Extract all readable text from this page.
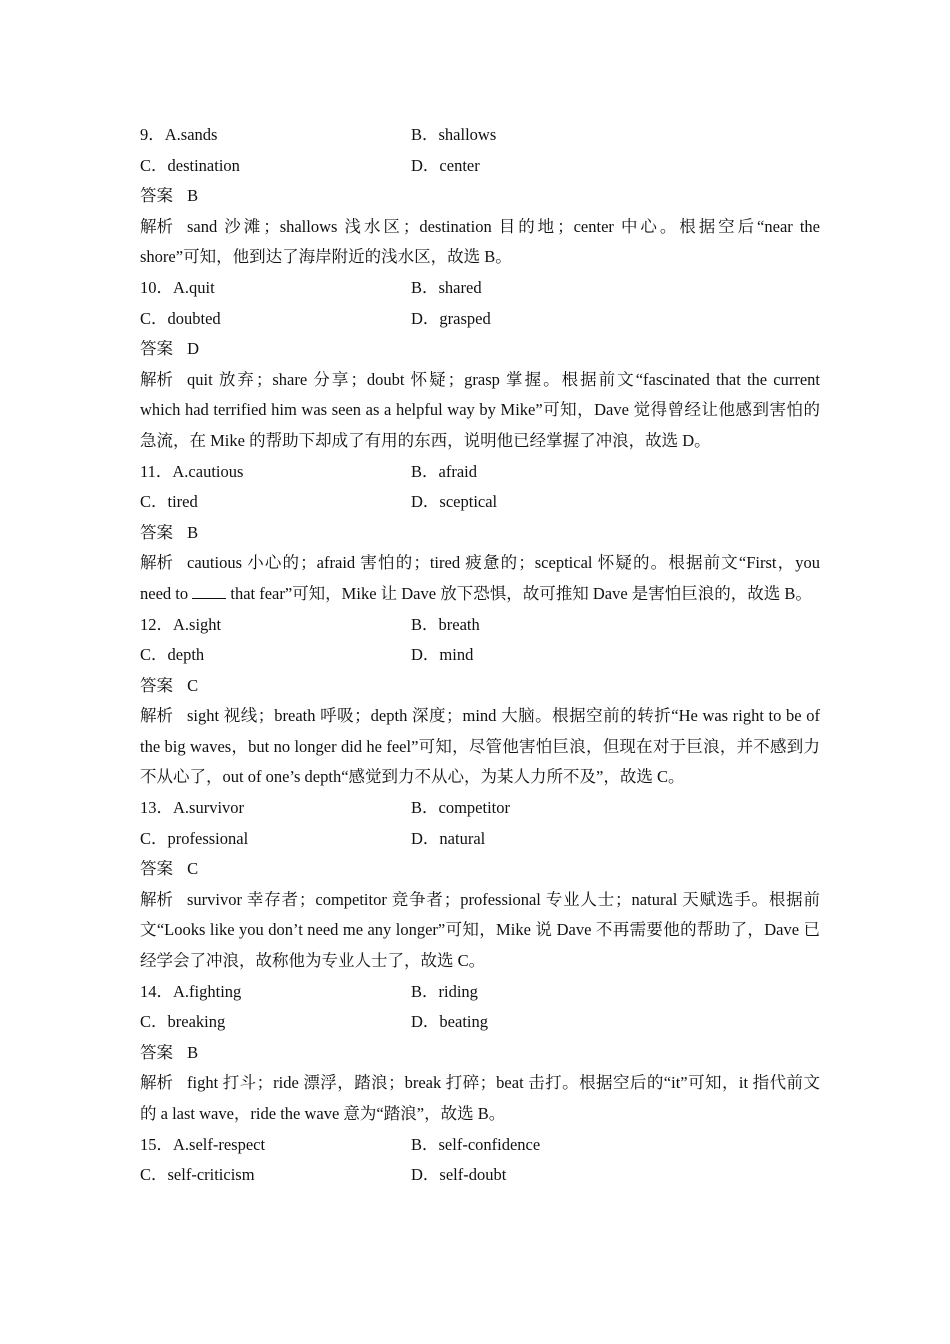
9．A.sands	B．shallows
C．destination	D．center
答案 B
解析 sand 沙滩；shallows 浅水区；destination 目的地；center 中心。根据空后“near the shore”可知，他到达了海岸附近的浅水区，故选 B。
10．A.quit	B．shared
C．doubted	D．grasped
答案 D
解析 quit 放弃；share 分享；doubt 怀疑；grasp 掌握。根据前文“fascinated that the current which had terrified him was seen as a helpful way by Mike”可知，Dave 觉得曾经让他感到害怕的急流，在 Mike 的帮助下却成了有用的东西，说明他已经掌握了冲浪，故选 D。
11．A.cautious	B．afraid
C．tired	D．sceptical
答案 B
解析 cautious 小心的；afraid 害怕的；tired 疲惫的；sceptical 怀疑的。根据前文“First，you need to  that fear”可知，Mike 让 Dave 放下恐惧，故可推知 Dave 是害怕巨浪的，故选 B。
12．A.sight	B．breath
C．depth	D．mind
答案 C
解析 sight 视线；breath 呼吸；depth 深度；mind 大脑。根据空前的转折“He was right to be of the big waves，but no longer did he feel”可知，尽管他害怕巨浪，但现在对于巨浪，并不感到力不从心了，out of one’s depth“感觉到力不从心，为某人力所不及”，故选 C。
13．A.survivor	B．competitor
C．professional	D．natural
答案 C
解析 survivor 幸存者；competitor 竞争者；professional 专业人士；natural 天赋选手。根据前文“Looks like you don’t need me any longer”可知，Mike 说 Dave 不再需要他的帮助了，Dave 已经学会了冲浪，故称他为专业人士了，故选 C。
14．A.fighting	B．riding
C．breaking	D．beating
答案 B
解析 fight 打斗；ride 漂浮，踏浪；break 打碎；beat 击打。根据空后的“it”可知，it 指代前文的 a last wave，ride the wave 意为“踏浪”，故选 B。
15．A.self-respect	B．self-confidence
C．self-criticism	D．self-doubt
